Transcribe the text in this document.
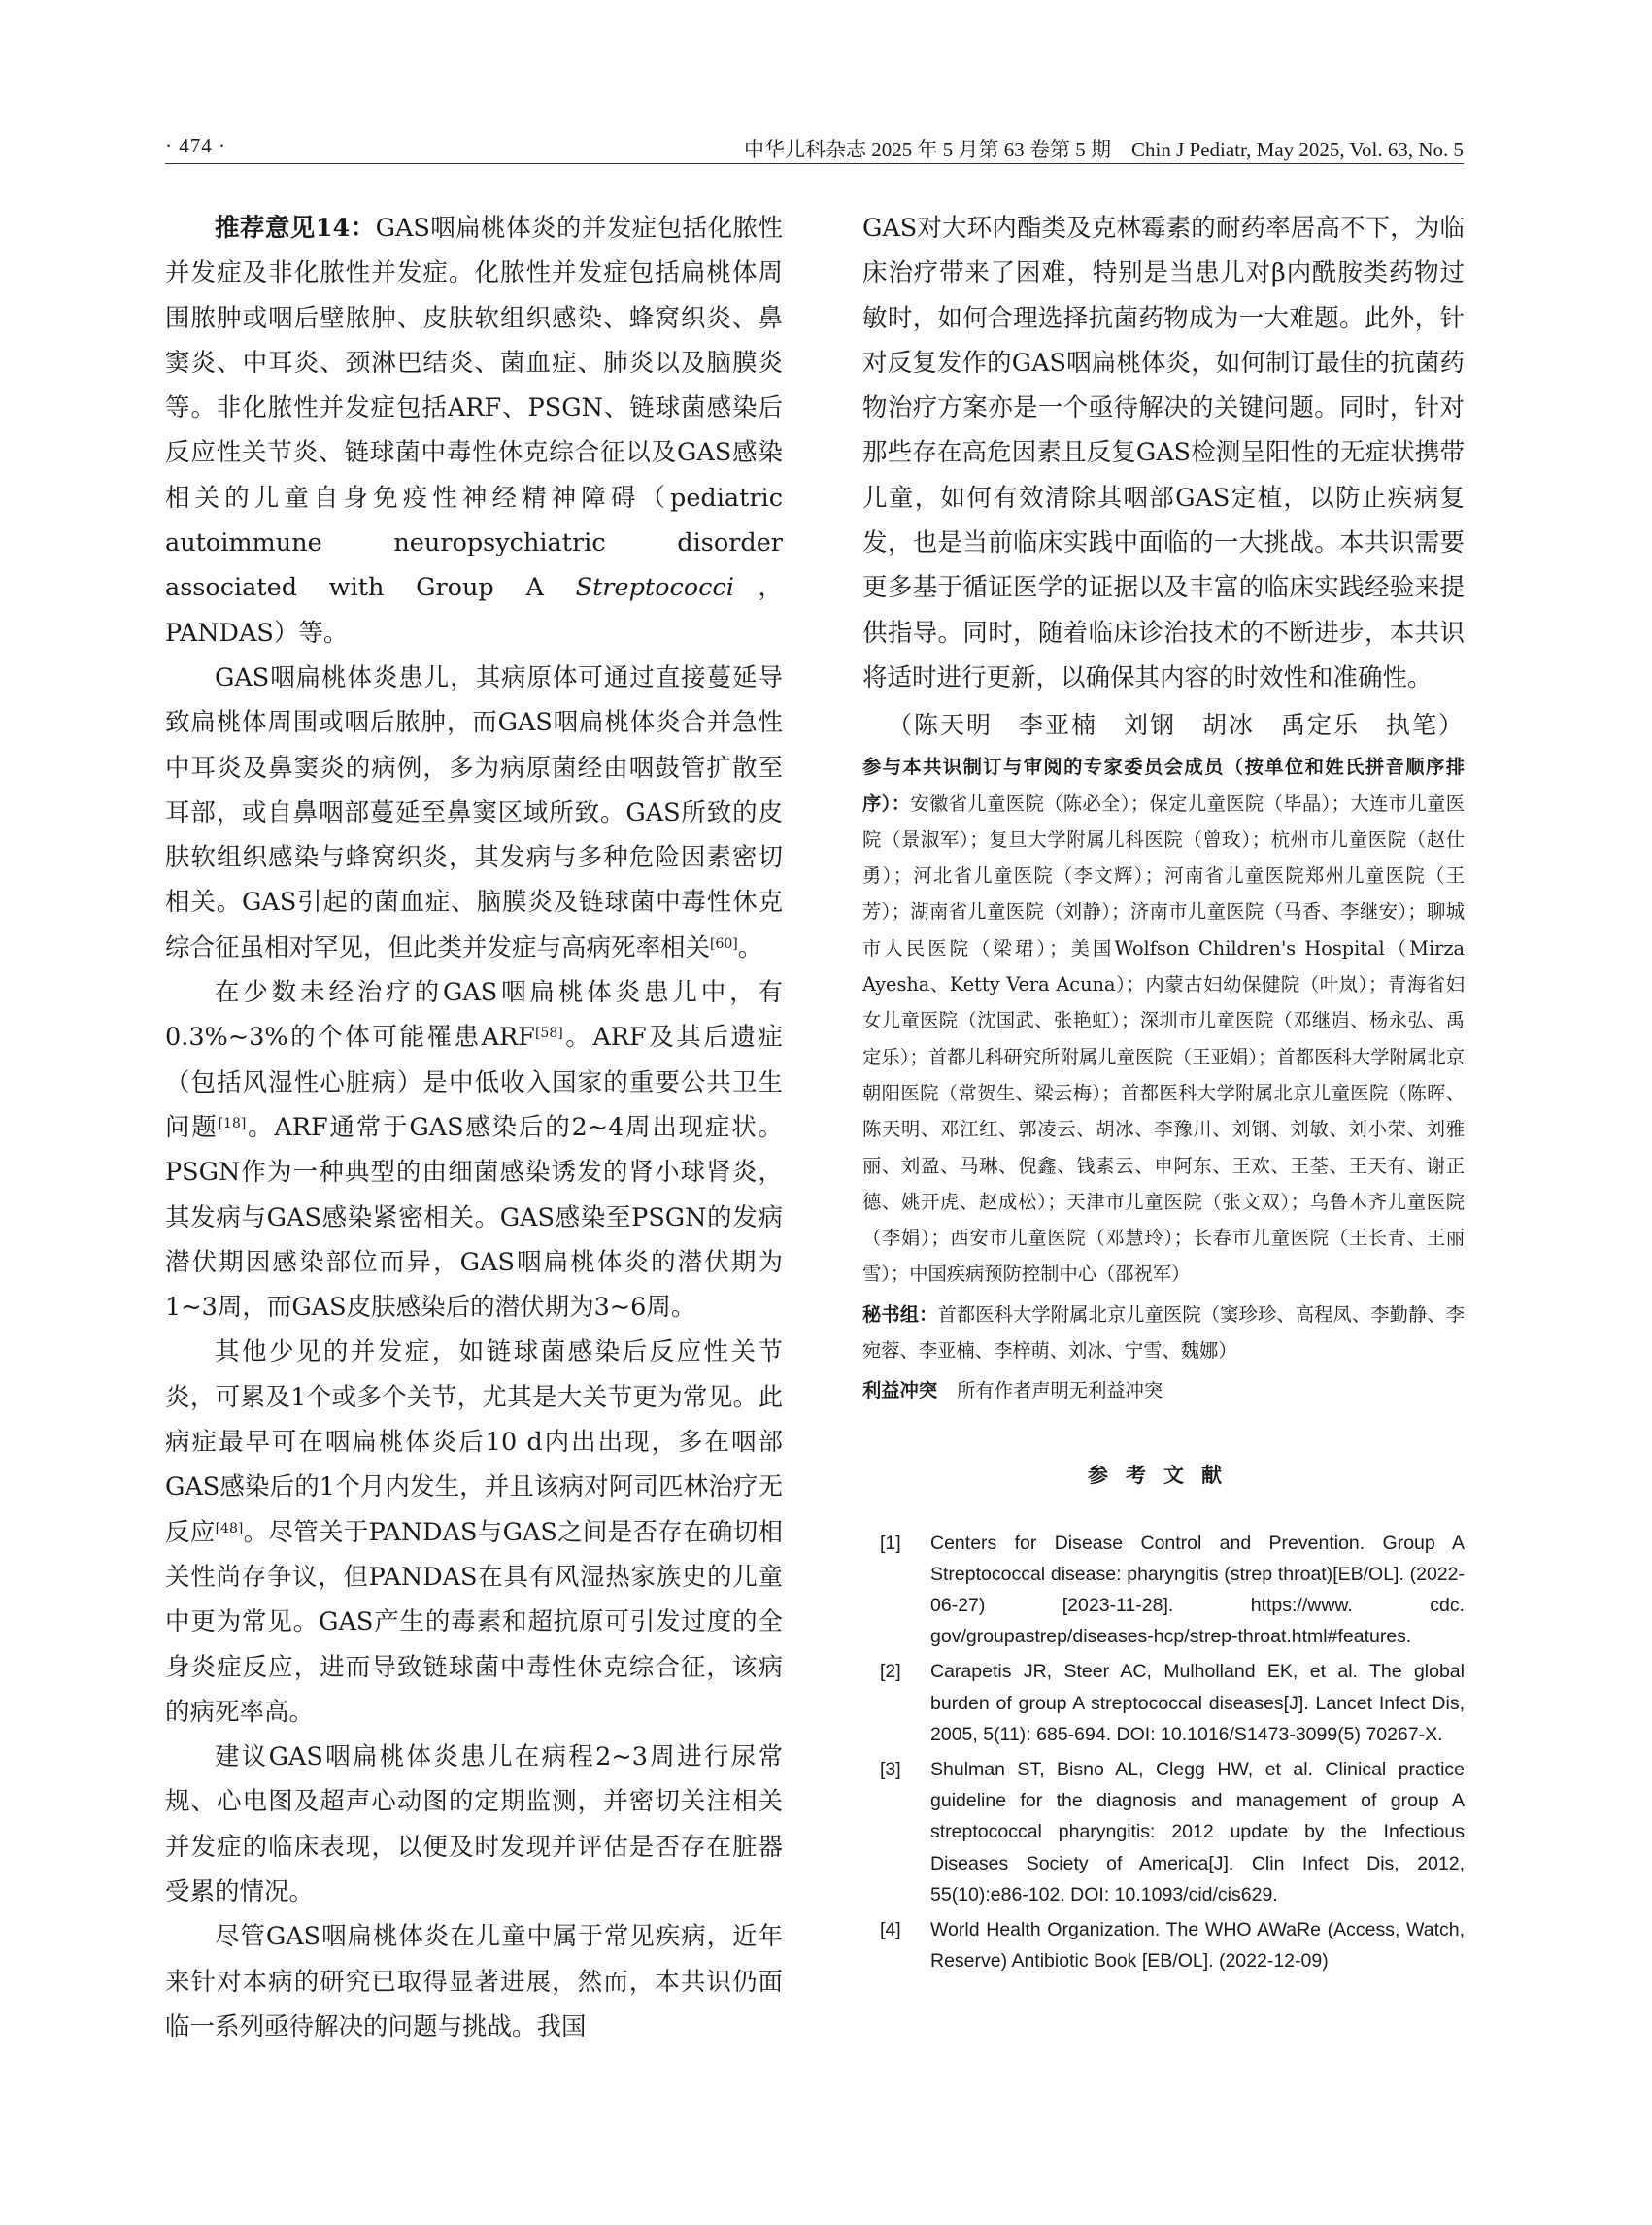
· 474 ·	中华儿科杂志 2025 年 5 月第 63 卷第 5 期　Chin J Pediatr, May 2025, Vol. 63, No. 5

推荐意见14：GAS咽扁桃体炎的并发症包括化脓性并发症及非化脓性并发症。化脓性并发症包括扁桃体周围脓肿或咽后壁脓肿、皮肤软组织感染、蜂窝织炎、鼻窦炎、中耳炎、颈淋巴结炎、菌血症、肺炎以及脑膜炎等。非化脓性并发症包括ARF、PSGN、链球菌感染后反应性关节炎、链球菌中毒性休克综合征以及GAS感染相关的儿童自身免疫性神经精神障碍（pediatric autoimmune neuropsychiatric disorder associated with Group A Streptococci，PANDAS）等。

GAS咽扁桃体炎患儿，其病原体可通过直接蔓延导致扁桃体周围或咽后脓肿，而GAS咽扁桃体炎合并急性中耳炎及鼻窦炎的病例，多为病原菌经由咽鼓管扩散至耳部，或自鼻咽部蔓延至鼻窦区域所致。GAS所致的皮肤软组织感染与蜂窝织炎，其发病与多种危险因素密切相关。GAS引起的菌血症、脑膜炎及链球菌中毒性休克综合征虽相对罕见，但此类并发症与高病死率相关[60]。

在少数未经治疗的GAS咽扁桃体炎患儿中，有0.3%~3%的个体可能罹患ARF[58]。ARF及其后遗症（包括风湿性心脏病）是中低收入国家的重要公共卫生问题[18]。ARF通常于GAS感染后的2~4周出现症状。PSGN作为一种典型的由细菌感染诱发的肾小球肾炎，其发病与GAS感染紧密相关。GAS感染至PSGN的发病潜伏期因感染部位而异，GAS咽扁桃体炎的潜伏期为1~3周，而GAS皮肤感染后的潜伏期为3~6周。

其他少见的并发症，如链球菌感染后反应性关节炎，可累及1个或多个关节，尤其是大关节更为常见。此病症最早可在咽扁桃体炎后10 d内出出现，多在咽部GAS感染后的1个月内发生，并且该病对阿司匹林治疗无反应[48]。尽管关于PANDAS与GAS之间是否存在确切相关性尚存争议，但PANDAS在具有风湿热家族史的儿童中更为常见。GAS产生的毒素和超抗原可引发过度的全身炎症反应，进而导致链球菌中毒性休克综合征，该病的病死率高。

建议GAS咽扁桃体炎患儿在病程2~3周进行尿常规、心电图及超声心动图的定期监测，并密切关注相关并发症的临床表现，以便及时发现并评估是否存在脏器受累的情况。

尽管GAS咽扁桃体炎在儿童中属于常见疾病，近年来针对本病的研究已取得显著进展，然而，本共识仍面临一系列亟待解决的问题与挑战。我国

GAS对大环内酯类及克林霉素的耐药率居高不下，为临床治疗带来了困难，特别是当患儿对β内酰胺类药物过敏时，如何合理选择抗菌药物成为一大难题。此外，针对反复发作的GAS咽扁桃体炎，如何制订最佳的抗菌药物治疗方案亦是一个亟待解决的关键问题。同时，针对那些存在高危因素且反复GAS检测呈阳性的无症状携带儿童，如何有效清除其咽部GAS定植，以防止疾病复发，也是当前临床实践中面临的一大挑战。本共识需要更多基于循证医学的证据以及丰富的临床实践经验来提供指导。同时，随着临床诊治技术的不断进步，本共识将适时进行更新，以确保其内容的时效性和准确性。

（陈天明　李亚楠　刘钢　胡冰　禹定乐　执笔）

参与本共识制订与审阅的专家委员会成员（按单位和姓氏拼音顺序排序）：安徽省儿童医院（陈必全）；保定儿童医院（毕晶）；大连市儿童医院（景淑军）；复旦大学附属儿科医院（曾玫）；杭州市儿童医院（赵仕勇）；河北省儿童医院（李文辉）；河南省儿童医院郑州儿童医院（王芳）；湖南省儿童医院（刘静）；济南市儿童医院（马香、李继安）；聊城市人民医院（梁珺）；美国Wolfson Children's Hospital（Mirza Ayesha、Ketty Vera Acuna）；内蒙古妇幼保健院（叶岚）；青海省妇女儿童医院（沈国武、张艳虹）；深圳市儿童医院（邓继岿、杨永弘、禹定乐）；首都儿科研究所附属儿童医院（王亚娟）；首都医科大学附属北京朝阳医院（常贺生、梁云梅）；首都医科大学附属北京儿童医院（陈晖、陈天明、邓江红、郭凌云、胡冰、李豫川、刘钢、刘敏、刘小荣、刘雅丽、刘盈、马琳、倪鑫、钱素云、申阿东、王欢、王荃、王天有、谢正德、姚开虎、赵成松）；天津市儿童医院（张文双）；乌鲁木齐儿童医院（李娟）；西安市儿童医院（邓慧玲）；长春市儿童医院（王长青、王丽雪）；中国疾病预防控制中心（邵祝军）

秘书组：首都医科大学附属北京儿童医院（窦珍珍、高程凤、李勤静、李宛蓉、李亚楠、李梓萌、刘冰、宁雪、魏娜）

利益冲突 所有作者声明无利益冲突

参考文献
[1]	Centers for Disease Control and Prevention. Group A Streptococcal disease: pharyngitis (strep throat)[EB/OL]. (2022-06-27) [2023-11-28]. https://www. cdc. gov/groupastrep/diseases-hcp/strep-throat.html#features.
[2]	Carapetis JR, Steer AC, Mulholland EK, et al. The global burden of group A streptococcal diseases[J]. Lancet Infect Dis, 2005, 5(11): 685-694. DOI: 10.1016/S1473-3099(5) 70267-X.
[3]	Shulman ST, Bisno AL, Clegg HW, et al. Clinical practice guideline for the diagnosis and management of group A streptococcal pharyngitis: 2012 update by the Infectious Diseases Society of America[J]. Clin Infect Dis, 2012, 55(10):e86-102. DOI: 10.1093/cid/cis629.
[4]	World Health Organization. The WHO AWaRe (Access, Watch, Reserve) Antibiotic Book [EB/OL]. (2022-12-09)
